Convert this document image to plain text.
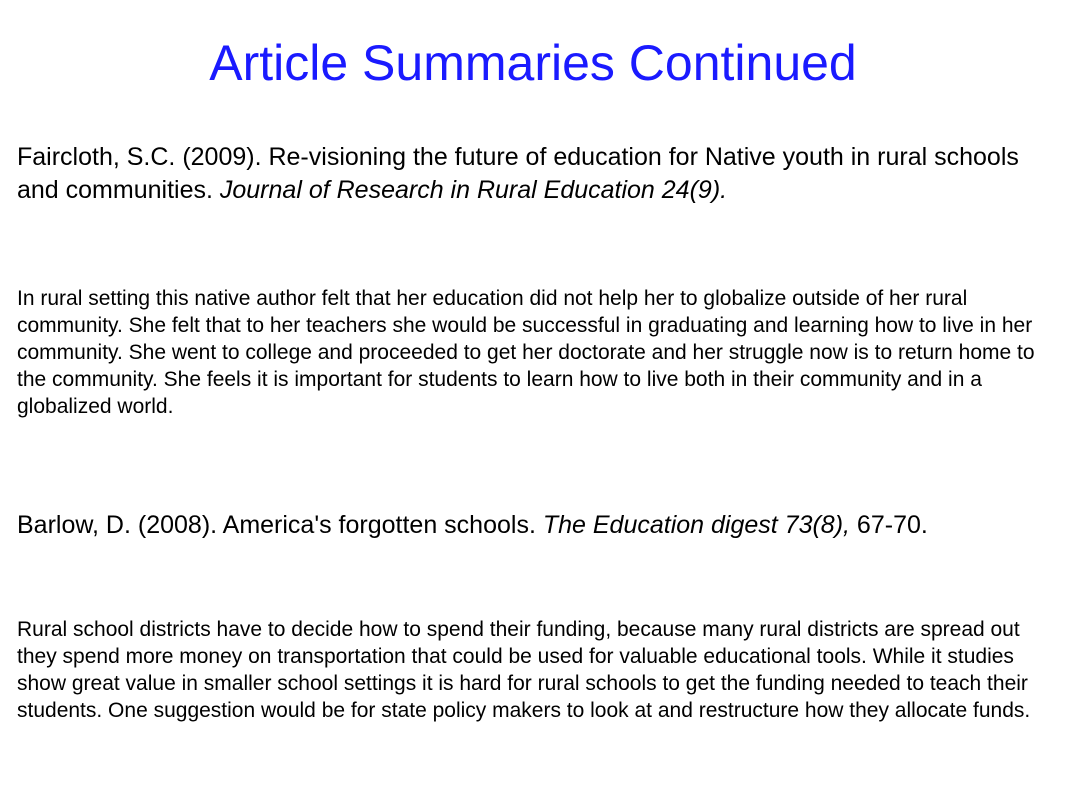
Article Summaries Continued

Faircloth, S.C. (2009). Re-visioning the future of education for Native youth in rural schools and communities. Journal of Research in Rural Education 24(9).

In rural setting this native author felt that her education did not help her to globalize outside of her rural community. She felt that to her teachers she would be successful in graduating and learning how to live in her community. She went to college and proceeded to get her doctorate and her struggle now is to return home to the community. She feels it is important for students to learn how to live both in their community and in a globalized world.

Barlow, D. (2008). America's forgotten schools. The Education digest 73(8), 67-70.

Rural school districts have to decide how to spend their funding, because many rural districts are spread out they spend more money on transportation that could be used for valuable educational tools. While it studies show great value in smaller school settings it is hard for rural schools to get the funding needed to teach their students. One suggestion would be for state policy makers to look at and restructure how they allocate funds.
